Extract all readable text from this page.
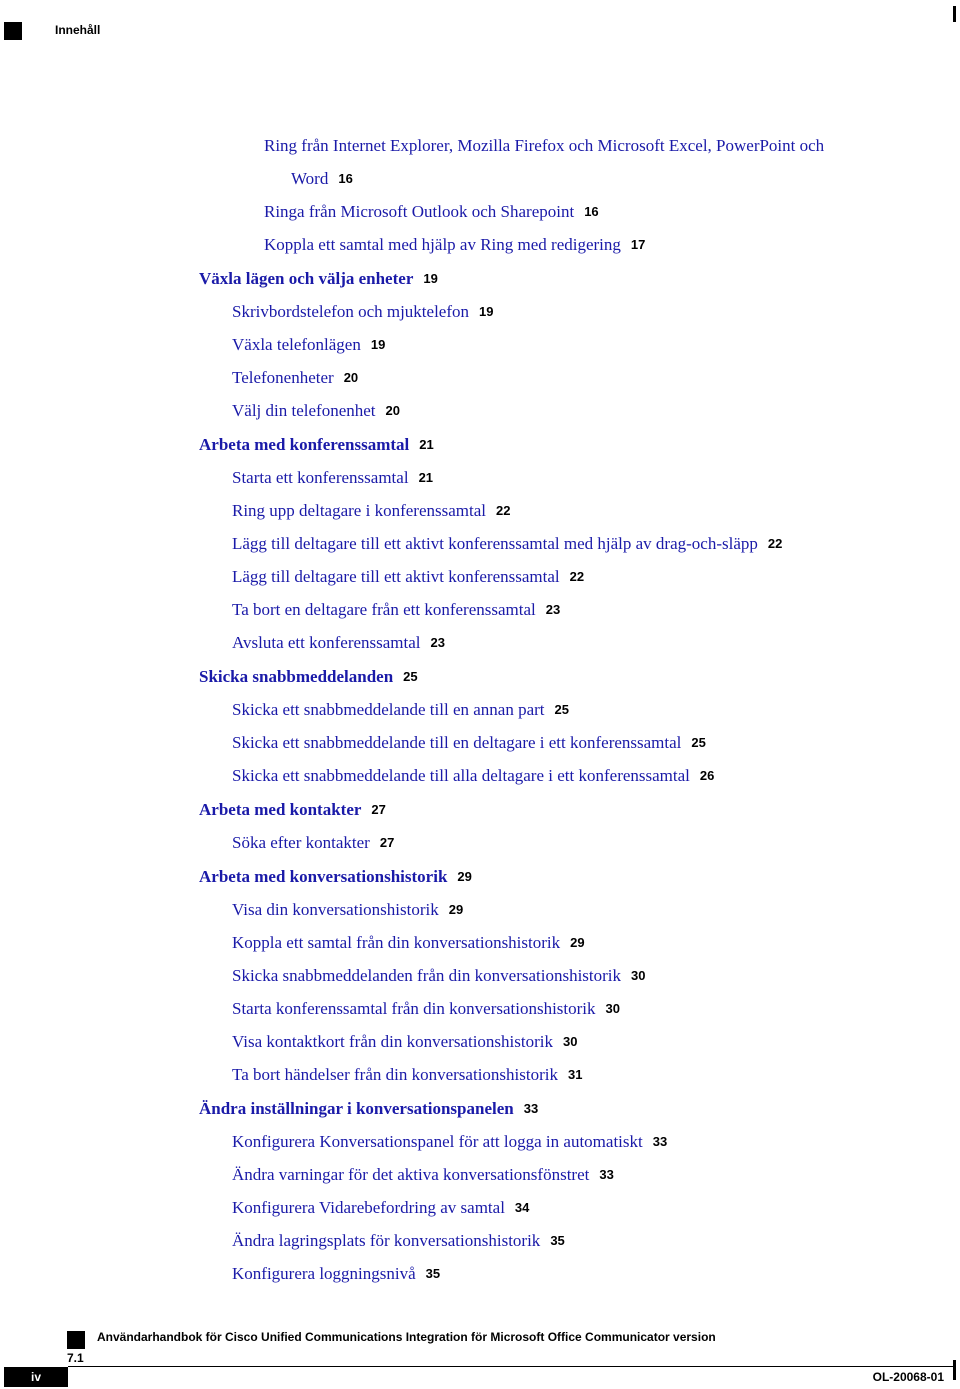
Innehåll
Ring från Internet Explorer, Mozilla Firefox och Microsoft Excel, PowerPoint och
Word 16
Ringa från Microsoft Outlook och Sharepoint 16
Koppla ett samtal med hjälp av Ring med redigering 17
Växla lägen och välja enheter 19
Skrivbordstelefon och mjuktelefon 19
Växla telefonlägen 19
Telefonenheter 20
Välj din telefonenhet 20
Arbeta med konferenssamtal 21
Starta ett konferenssamtal 21
Ring upp deltagare i konferenssamtal 22
Lägg till deltagare till ett aktivt konferenssamtal med hjälp av drag-och-släpp 22
Lägg till deltagare till ett aktivt konferenssamtal 22
Ta bort en deltagare från ett konferenssamtal 23
Avsluta ett konferenssamtal 23
Skicka snabbmeddelanden 25
Skicka ett snabbmeddelande till en annan part 25
Skicka ett snabbmeddelande till en deltagare i ett konferenssamtal 25
Skicka ett snabbmeddelande till alla deltagare i ett konferenssamtal 26
Arbeta med kontakter 27
Söka efter kontakter 27
Arbeta med konversationshistorik 29
Visa din konversationshistorik 29
Koppla ett samtal från din konversationshistorik 29
Skicka snabbmeddelanden från din konversationshistorik 30
Starta konferenssamtal från din konversationshistorik 30
Visa kontaktkort från din konversationshistorik 30
Ta bort händelser från din konversationshistorik 31
Ändra inställningar i konversationspanelen 33
Konfigurera Konversationspanel för att logga in automatiskt 33
Ändra varningar för det aktiva konversationsfönstret 33
Konfigurera Vidarebefordring av samtal 34
Ändra lagringsplats för konversationshistorik 35
Konfigurera loggningsnivå 35
Användarhandbok för Cisco Unified Communications Integration för Microsoft Office Communicator version
7.1
iv	OL-20068-01
